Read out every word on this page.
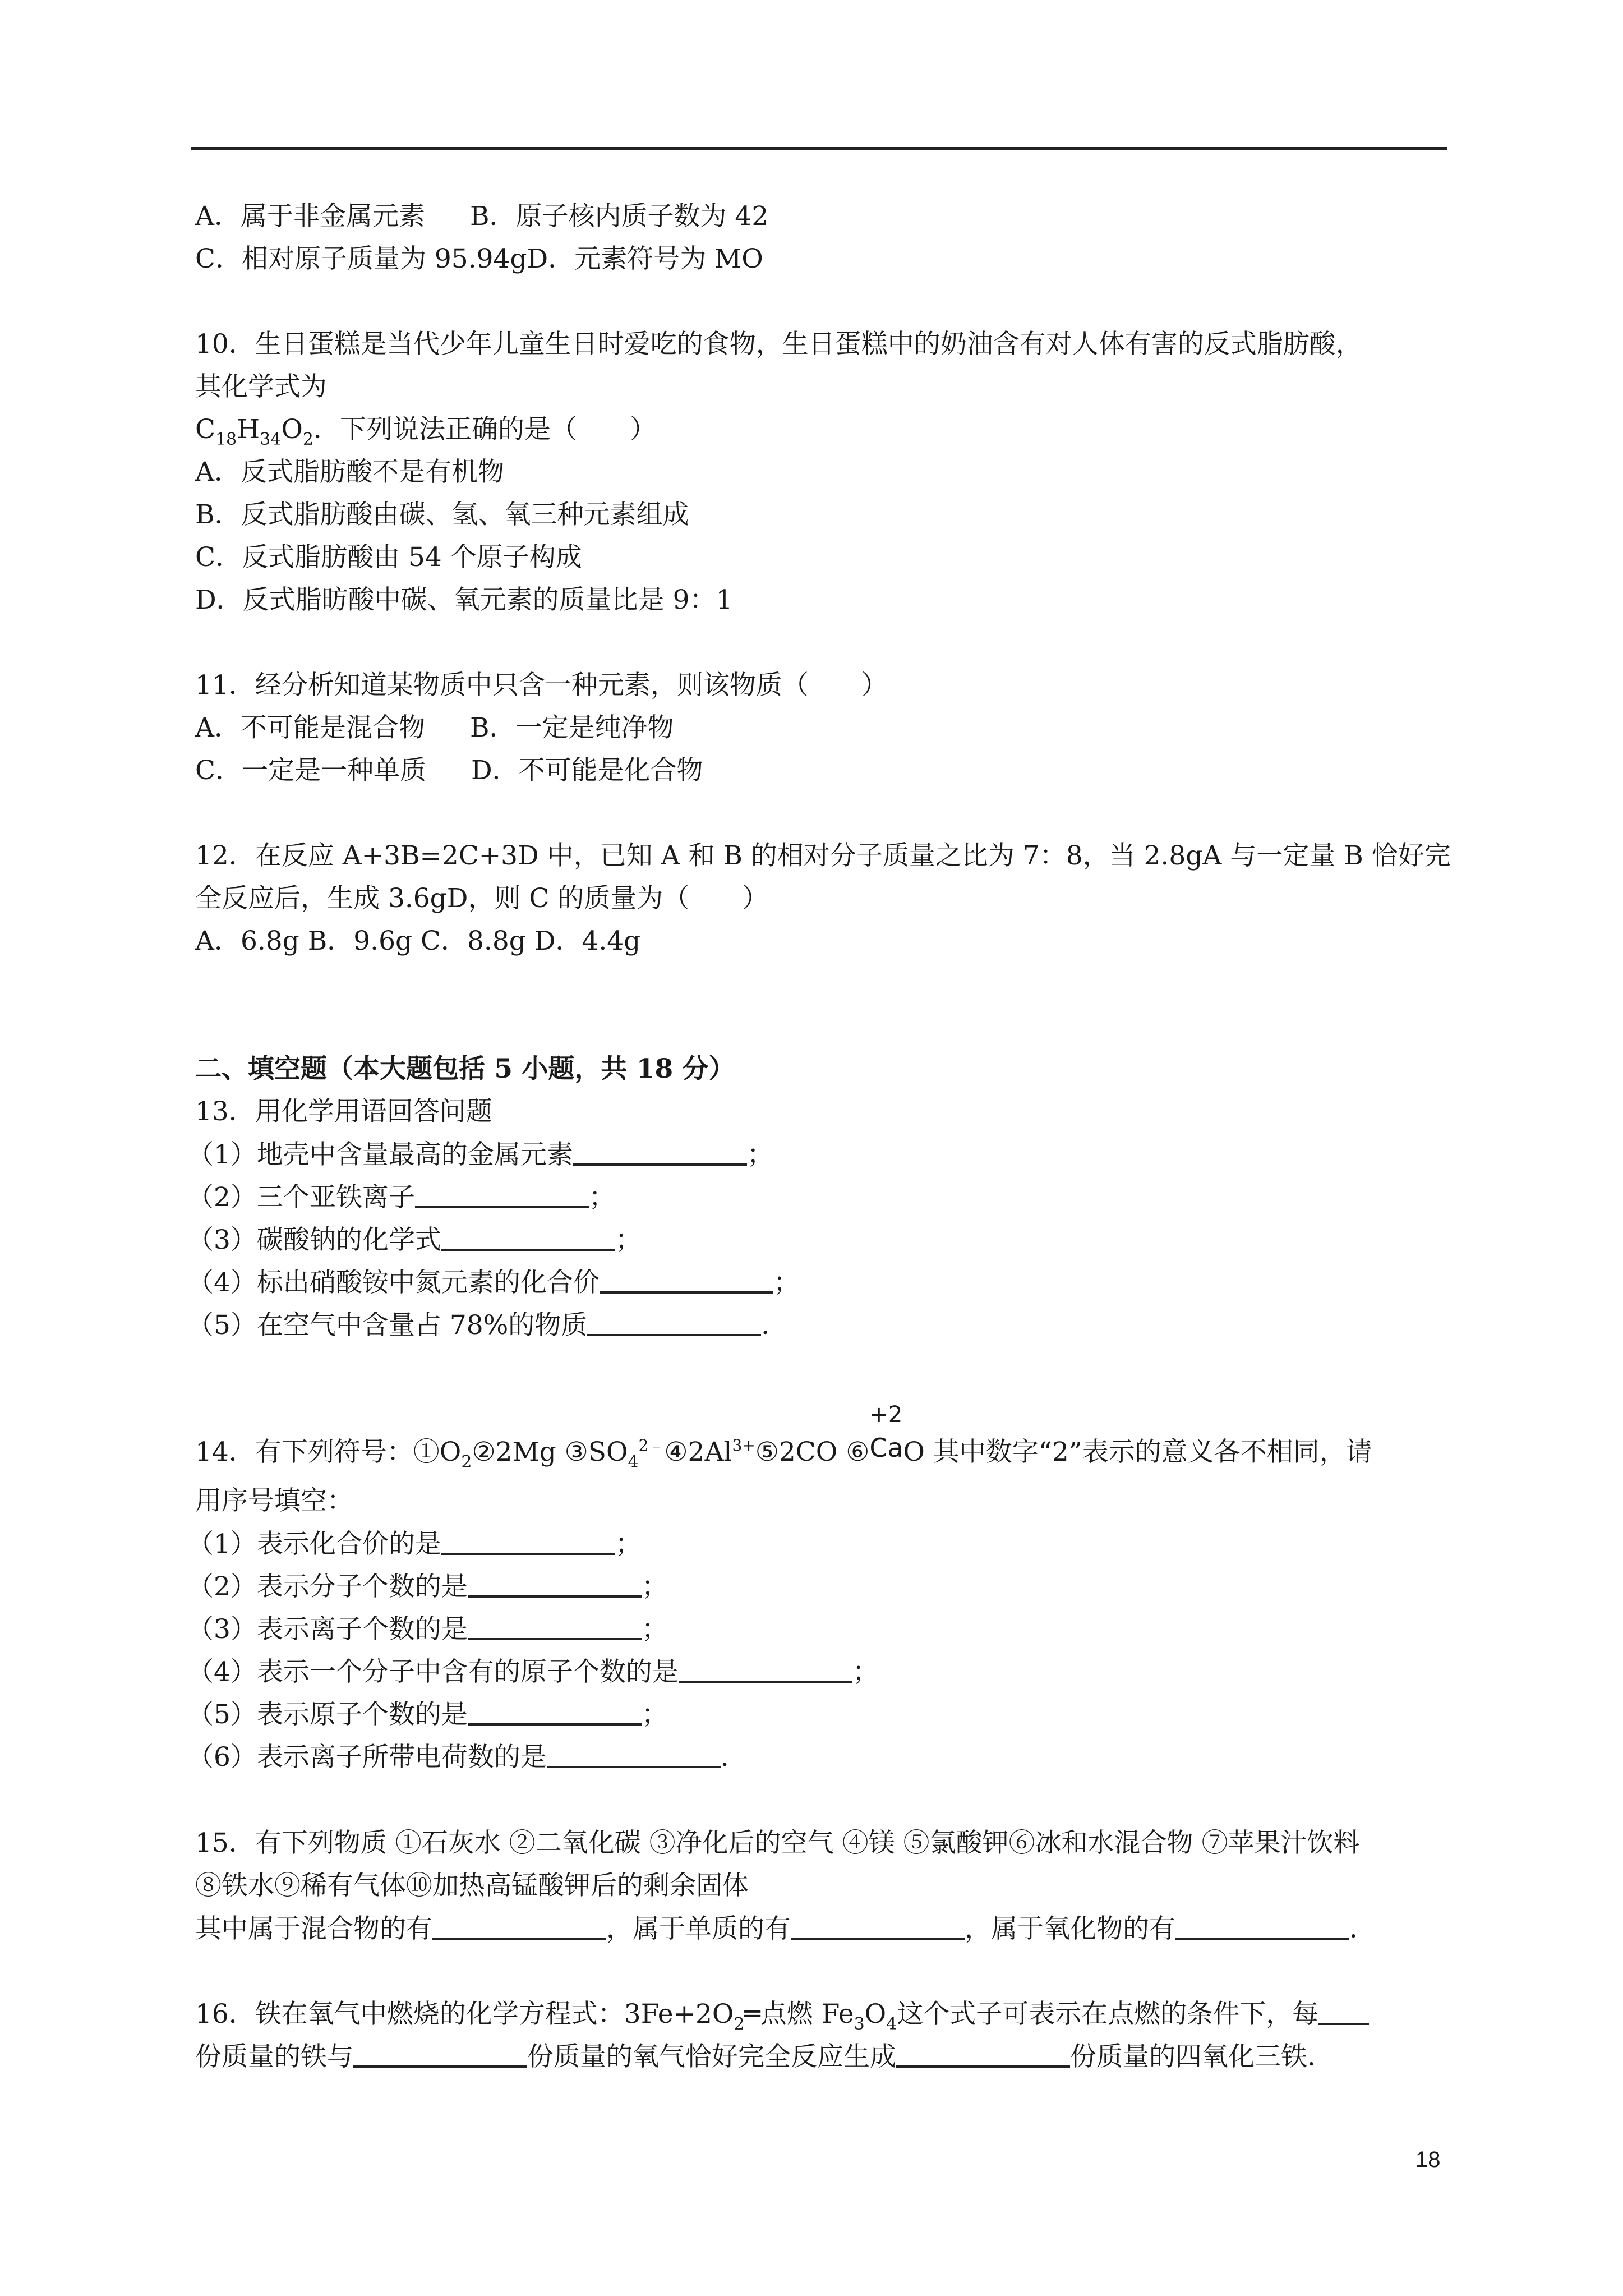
A．属于非金属元素 B．原子核内质子数为 42
C．相对原子质量为 95.94gD．元素符号为 MO
10．生日蛋糕是当代少年儿童生日时爱吃的食物，生日蛋糕中的奶油含有对人体有害的反式脂肪酸，
其化学式为
$C_{18}H_{34}O_2$．下列说法正确的是（　　）
A．反式脂肪酸不是有机物
B．反式脂肪酸由碳、氢、氧三种元素组成
C．反式脂肪酸由 54 个原子构成
D．反式脂昉酸中碳、氧元素的质量比是 9：1
11．经分析知道某物质中只含一种元素，则该物质（　　）
A．不可能是混合物 B．一定是纯净物
C．一定是一种单质 D．不可能是化合物
12．在反应 A+3B=2C+3D 中，已知 A 和 B 的相对分子质量之比为 7：8，当 2.8gA 与一定量 B 恰好完
全反应后，生成 3.6gD，则 C 的质量为（　　）
A．6.8g B．9.6g C．8.8g D．4.4g
二、填空题（本大题包括 5 小题，共 18 分）
13．用化学用语回答问题
（1）地壳中含量最高的金属元素	；
（2）三个亚铁离子	；
（3）碳酸钠的化学式	；
（4）标出硝酸铵中氮元素的化合价	；
（5）在空气中含量占 78%的物质	．
14．有下列符号：$①O_2②2Mg$ $③SO_4^{2﹣}④2Al^{3+}⑤2CO$ ⑥
+2
Ca O 其中数字“2”表示的意义各不相同，请
用序号填空：
（1）表示化合价的是	；
（2）表示分子个数的是	；
（3）表示离子个数的是	；
（4）表示一个分子中含有的原子个数的是	；
（5）表示原子个数的是	；
（6）表示离子所带电荷数的是	．
15．有下列物质 ①石灰水 ②二氧化碳 ③净化后的空气 ④镁 ⑤氯酸钾⑥冰和水混合物 ⑦苹果汁饮料
⑧铁水⑨稀有气体⑩加热高锰酸钾后的剩余固体
其中属于混合物的有	，属于单质的有	，属于氧化物的有	．
16．铁在氧气中燃烧的化学方程式：$3Fe+2O_2═$点燃 $Fe_3O_4$这个式子可表示在点燃的条件下，每
份质量的铁与	份质量的氧气恰好完全反应生成	份质量的四氧化三铁．
18
